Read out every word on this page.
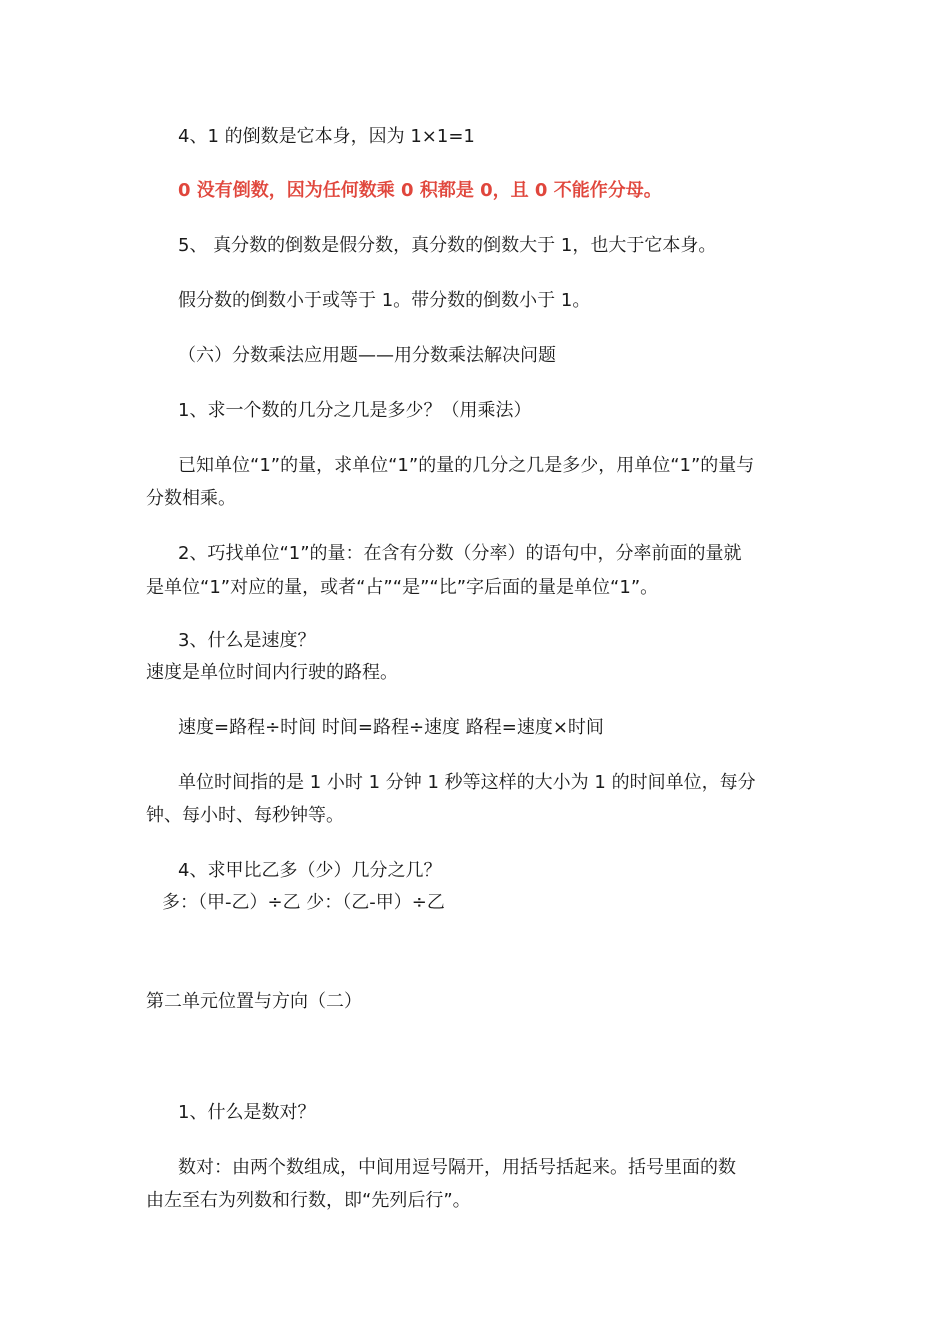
4、1 的倒数是它本身，因为 1×1=1
0 没有倒数，因为任何数乘 0 积都是 0，且 0 不能作分母。
5、 真分数的倒数是假分数，真分数的倒数大于 1，也大于它本身。
假分数的倒数小于或等于 1。带分数的倒数小于 1。
（六）分数乘法应用题——用分数乘法解决问题
1、求一个数的几分之几是多少？（用乘法）
已知单位“1”的量，求单位“1”的量的几分之几是多少，用单位“1”的量与
分数相乘。
2、巧找单位“1”的量：在含有分数（分率）的语句中，分率前面的量就
是单位“1”对应的量，或者“占”“是”“比”字后面的量是单位“1”。
3、什么是速度？
速度是单位时间内行驶的路程。
速度=路程÷时间 时间=路程÷速度 路程=速度×时间
单位时间指的是 1 小时 1 分钟 1 秒等这样的大小为 1 的时间单位，每分
钟、每小时、每秒钟等。
4、求甲比乙多（少）几分之几？
多：（甲-乙）÷乙 少：（乙-甲）÷乙
第二单元位置与方向（二）
1、什么是数对？
数对：由两个数组成，中间用逗号隔开，用括号括起来。括号里面的数
由左至右为列数和行数，即“先列后行”。
